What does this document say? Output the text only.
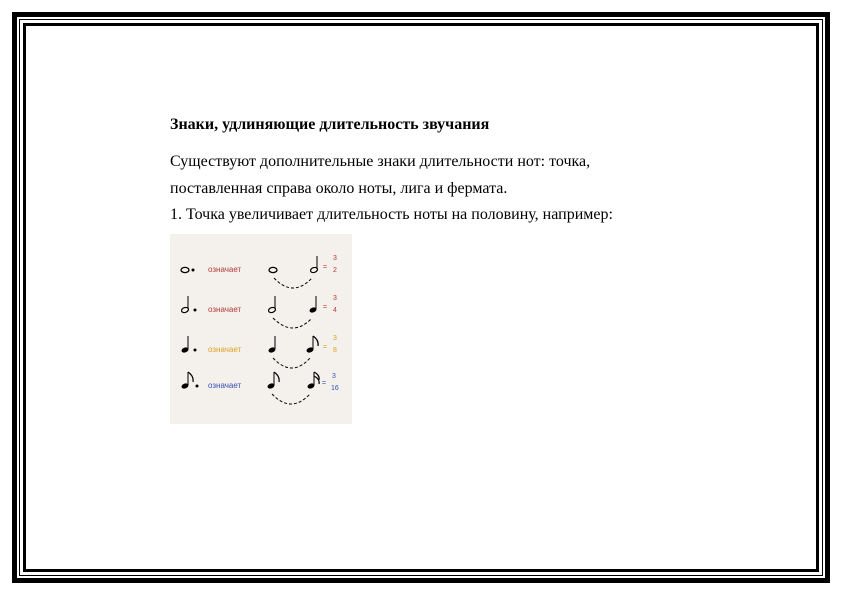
Знаки, удлиняющие длительность звучания
Существуют дополнительные знаки длительности нот: точка,
поставленная справа около ноты, лига и фермата.
1. Точка увеличивает длительность ноты на половину, например:
означает	=
3
2
означает	=
3
4
означает	=
3
8
означает	=
3
16
